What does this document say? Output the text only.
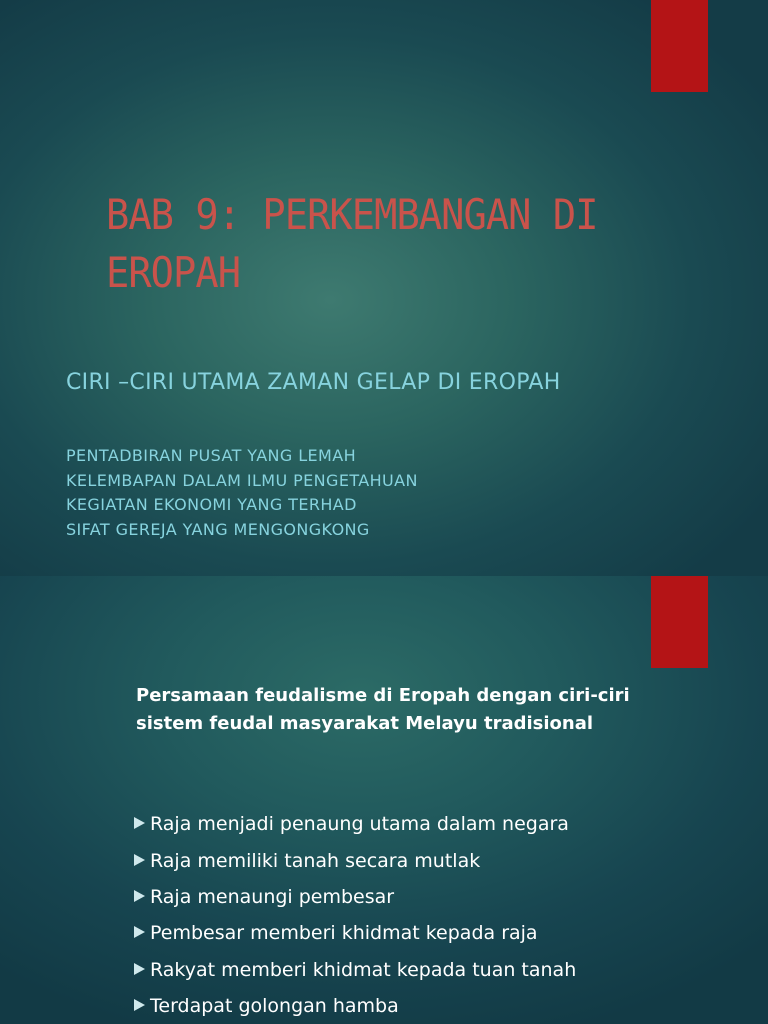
BAB 9: PERKEMBANGAN DI EROPAH
CIRI –CIRI UTAMA ZAMAN GELAP DI EROPAH
PENTADBIRAN PUSAT YANG LEMAH
KELEMBAPAN DALAM ILMU PENGETAHUAN
KEGIATAN EKONOMI YANG TERHAD
SIFAT GEREJA YANG MENGONGKONG
Persamaan feudalisme di Eropah dengan ciri-ciri sistem feudal masyarakat Melayu tradisional
Raja menjadi penaung utama dalam negara
Raja memiliki tanah secara mutlak
Raja menaungi pembesar
Pembesar memberi khidmat kepada raja
Rakyat memberi khidmat kepada tuan tanah
Terdapat golongan hamba
